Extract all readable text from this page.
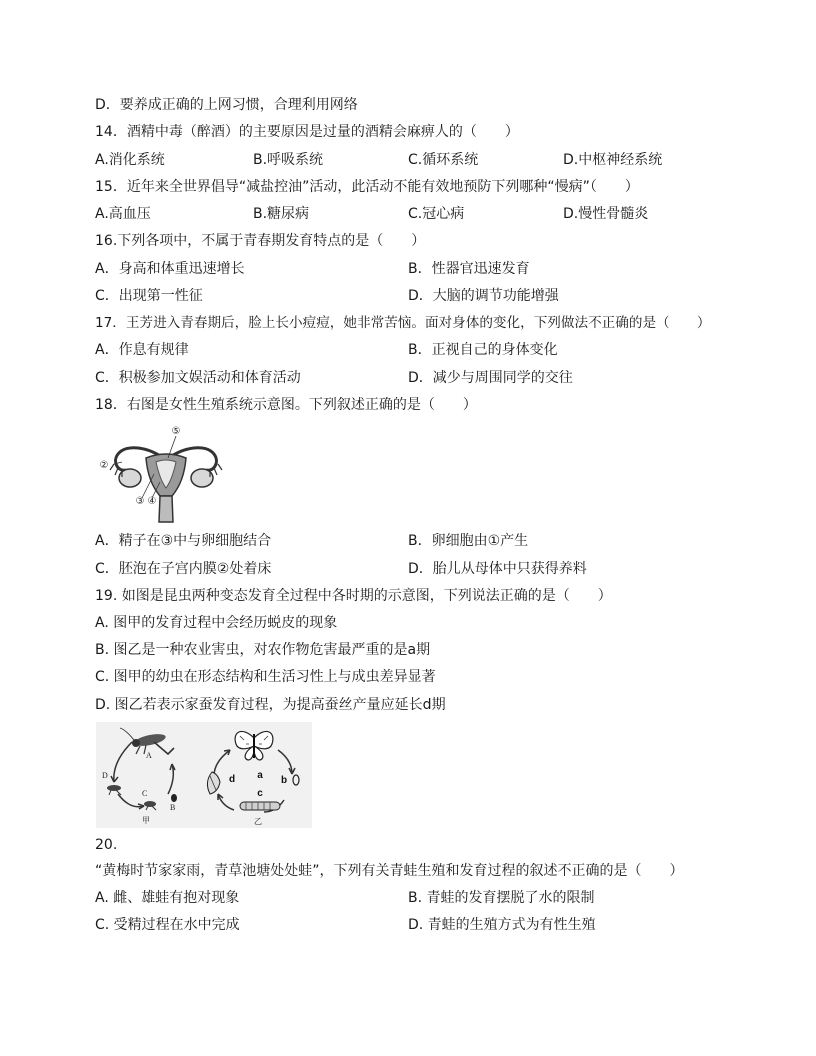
D．要养成正确的上网习惯，合理利用网络
14．酒精中毒（醉酒）的主要原因是过量的酒精会麻痹人的（　　）
A.消化系统	B.呼吸系统	C.循环系统	D.中枢神经系统
15．近年来全世界倡导“减盐控油”活动，此活动不能有效地预防下列哪种“慢病”（　　）
A.高血压	B.糖尿病	C.冠心病	D.慢性骨髓炎
16.下列各项中，不属于青春期发育特点的是（　　）
A．身高和体重迅速增长	B．性器官迅速发育
C．出现第一性征	D．大脑的调节功能增强
17．王芳进入青春期后，脸上长小痘痘，她非常苦恼。面对身体的变化，下列做法不正确的是（　　）
A．作息有规律	B．正视自己的身体变化
C．积极参加文娱活动和体育活动	D．减少与周围同学的交往
18．右图是女性生殖系统示意图。下列叙述正确的是（　　）
⑤
②
③ ④
A．精子在③中与卵细胞结合	B．卵细胞由①产生
C．胚泡在子宫内膜②处着床	D．胎儿从母体中只获得养料
19. 如图是昆虫两种变态发育全过程中各时期的示意图，下列说法正确的是（　　）
A. 图甲的发育过程中会经历蜕皮的现象
B. 图乙是一种农业害虫，对农作物危害最严重的是a期
C. 图甲的幼虫在形态结构和生活习性上与成虫差异显著
D. 图乙若表示家蚕发育过程，为提高蚕丝产量应延长d期
A
B
C
D
甲
a b
c
d
乙
20.
“黄梅时节家家雨，青草池塘处处蛙”，下列有关青蛙生殖和发育过程的叙述不正确的是（　　）
A. 雌、雄蛙有抱对现象	B. 青蛙的发育摆脱了水的限制
C. 受精过程在水中完成	D. 青蛙的生殖方式为有性生殖
